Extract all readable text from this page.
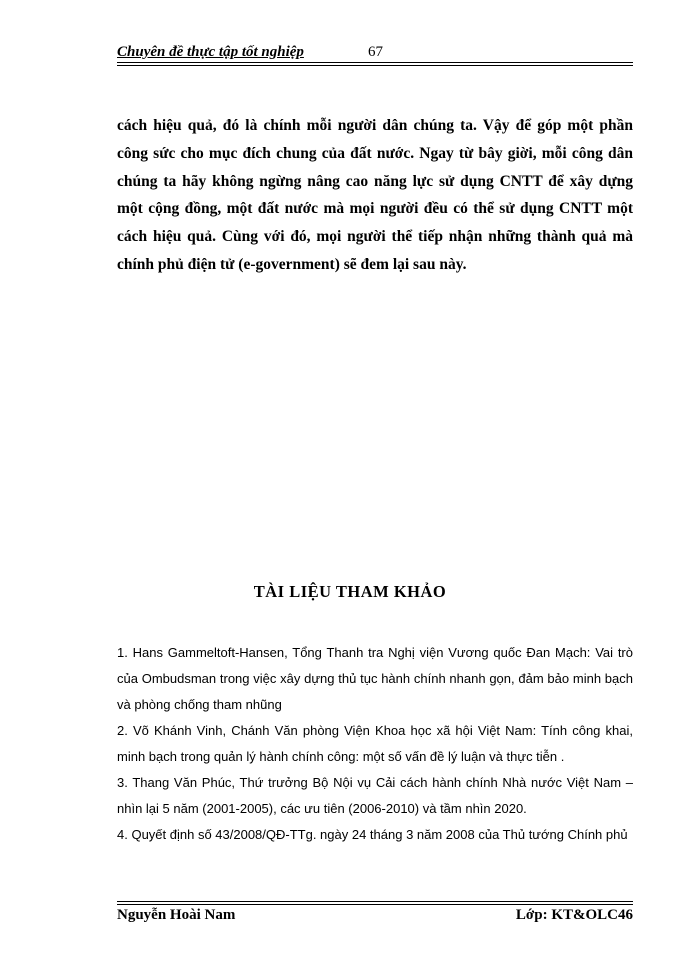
Chuyên đề thực tập tốt nghiệp	67
cách hiệu quả, đó là chính mỗi người dân chúng ta. Vậy để góp một phần công sức cho mục đích chung của đất nước. Ngay từ bây giời, mỗi công dân chúng ta hãy không ngừng nâng cao năng lực sử dụng CNTT để xây dựng một cộng đồng, một đất nước mà mọi người đều có thể sử dụng CNTT một cách hiệu quả. Cùng với đó, mọi người thể tiếp nhận những thành quả mà chính phủ điện tử (e-government) sẽ đem lại sau này.
TÀI LIỆU THAM KHẢO
1. Hans Gammeltoft-Hansen, Tổng Thanh tra Nghị viện Vương quốc Đan Mạch: Vai trò của Ombudsman trong việc xây dựng thủ tục hành chính nhanh gọn, đảm bảo minh bạch và phòng chống tham nhũng
2. Võ Khánh Vinh, Chánh Văn phòng Viện Khoa học xã hội Việt Nam: Tính công khai, minh bạch trong quản lý hành chính công: một số vấn đề lý luận và thực tiễn .
3. Thang Văn Phúc, Thứ trưởng Bộ Nội vụ Cải cách hành chính Nhà nước Việt Nam – nhìn lại 5 năm (2001-2005), các ưu tiên (2006-2010) và tầm nhìn 2020.
4. Quyết định số 43/2008/QĐ-TTg. ngày 24 tháng 3 năm 2008 của Thủ tướng Chính phủ
Nguyễn Hoài Nam	Lớp: KT&OLC46
